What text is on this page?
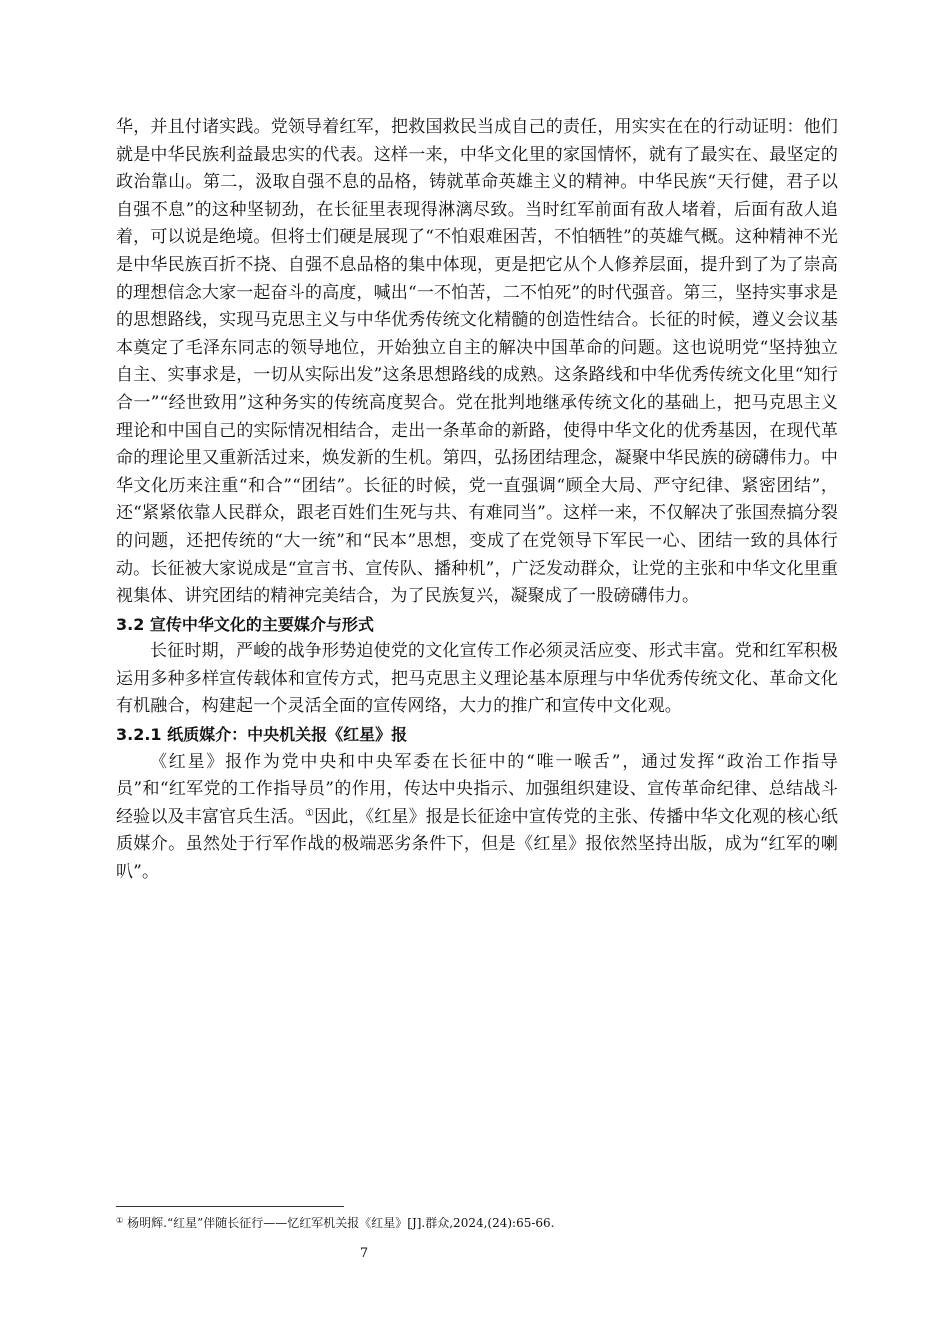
华，并且付诸实践。党领导着红军，把救国救民当成自己的责任，用实实在在的行动证明：他们就是中华民族利益最忠实的代表。这样一来，中华文化里的家国情怀，就有了最实在、最坚定的政治靠山。第二，汲取自强不息的品格，铸就革命英雄主义的精神。中华民族“天行健，君子以自强不息”的这种坚韧劲，在长征里表现得淋漓尽致。当时红军前面有敌人堵着，后面有敌人追着，可以说是绝境。但将士们硬是展现了“不怕艰难困苦，不怕牺牲”的英雄气概。这种精神不光是中华民族百折不挠、自强不息品格的集中体现，更是把它从个人修养层面，提升到了为了崇高的理想信念大家一起奋斗的高度，喊出“一不怕苦，二不怕死”的时代强音。第三，坚持实事求是的思想路线，实现马克思主义与中华优秀传统文化精髓的创造性结合。长征的时候，遵义会议基本奠定了毛泽东同志的领导地位，开始独立自主的解决中国革命的问题。这也说明党“坚持独立自主、实事求是，一切从实际出发”这条思想路线的成熟。这条路线和中华优秀传统文化里“知行合一”“经世致用”这种务实的传统高度契合。党在批判地继承传统文化的基础上，把马克思主义理论和中国自己的实际情况相结合，走出一条革命的新路，使得中华文化的优秀基因，在现代革命的理论里又重新活过来，焕发新的生机。第四，弘扬团结理念，凝聚中华民族的磅礴伟力。中华文化历来注重“和合”“团结”。长征的时候，党一直强调“顾全大局、严守纪律、紧密团结”，还“紧紧依靠人民群众，跟老百姓们生死与共、有难同当”。这样一来，不仅解决了张国焘搞分裂的问题，还把传统的“大一统”和“民本”思想，变成了在党领导下军民一心、团结一致的具体行动。长征被大家说成是“宣言书、宣传队、播种机”，广泛发动群众，让党的主张和中华文化里重视集体、讲究团结的精神完美结合，为了民族复兴，凝聚成了一股磅礴伟力。

3.2 宣传中华文化的主要媒介与形式

长征时期，严峻的战争形势迫使党的文化宣传工作必须灵活应变、形式丰富。党和红军积极运用多种多样宣传载体和宣传方式，把马克思主义理论基本原理与中华优秀传统文化、革命文化有机融合，构建起一个灵活全面的宣传网络，大力的推广和宣传中文化观。

3.2.1 纸质媒介：中央机关报《红星》报

《红星》报作为党中央和中央军委在长征中的“唯一喉舌”，通过发挥“政治工作指导员”和“红军党的工作指导员”的作用，传达中央指示、加强组织建设、宣传革命纪律、总结战斗经验以及丰富官兵生活。①因此，《红星》报是长征途中宣传党的主张、传播中华文化观的核心纸质媒介。虽然处于行军作战的极端恶劣条件下，但是《红星》报依然坚持出版，成为“红军的喇叭”。

① 杨明辉.“红星”伴随长征行——忆红军机关报《红星》[J].群众,2024,(24):65-66.
7
